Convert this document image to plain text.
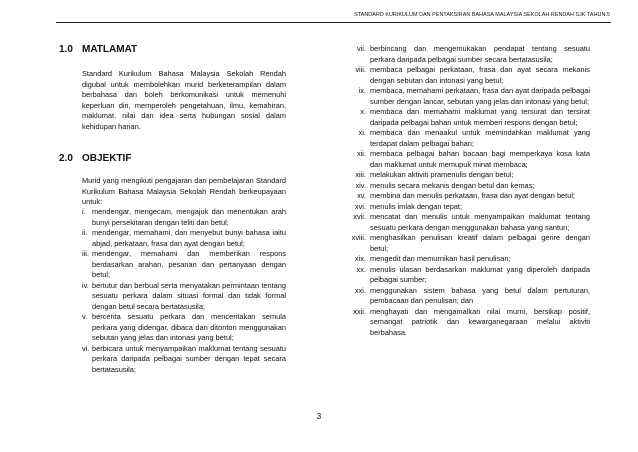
STANDARD KURIKULUM DAN PENTAKSIRAN BAHASA MALAYSIA SEKOLAH RENDAH SJK TAHUN 5
1.0 MATLAMAT
Standard Kurikulum Bahasa Malaysia Sekolah Rendah digubal untuk membolehkan murid berketerampilan dalam berbahasa dan boleh berkomunikasi untuk memenuhi keperluan diri, memperoleh pengetahuan, ilmu, kemahiran, maklumat, nilai dan idea serta hubungan sosial dalam kehidupan harian.
2.0 OBJEKTIF
Murid yang mengikuti pengajaran dan pembelajaran Standard Kurikulum Bahasa Malaysia Sekolah Rendah berkeupayaan untuk:
i. mendengar, mengecam, mengajuk dan menentukan arah bunyi persekitaran dengan teliti dan betul;
ii. mendengar, memahami, dan menyebut bunyi bahasa iaitu abjad, perkataan, frasa dan ayat dengan betul;
iii. mendengar, memahami dan memberikan respons berdasarkan arahan, pesanan dan pertanyaan dengan betul;
iv. bertutur dan berbual serta menyatakan permintaan tentang sesuatu perkara dalam situasi formal dan tidak formal dengan betul secara bertatasusila;
v. bercerita sesuatu perkara dan menceritakan semula perkara yang didengar, dibaca dan ditonton menggunakan sebutan yang jelas dan intonasi yang betul;
vi. berbicara untuk menyampaikan maklumat tentang sesuatu perkara daripada pelbagai sumber dengan tepat secara bertatasusila;
vii. berbincang dan mengemukakan pendapat tentang sesuatu perkara daripada pelbagai sumber secara bertatasusila;
viii. membaca pelbagai perkataan, frasa dan ayat secara mekanis dengan sebutan dan intonasi yang betul;
ix. membaca, memahami perkataan, frasa dan ayat daripada pelbagai sumber dengan lancar, sebutan yang jelas dan intonasi yang betul;
x. membaca dan memahami maklumat yang tersurat dan tersirat daripada pelbagai bahan untuk memberi respons dengan betul;
xi. membaca dan menaakul untuk memindahkan maklumat yang terdapat dalam pelbagai bahan;
xii. membaca pelbagai bahan bacaan bagi memperkaya kosa kata dan maklumat untuk memupuk minat membaca;
xiii. melakukan aktiviti pramenulis dengan betul;
xiv. menulis secara mekanis dengan betul dan kemas;
xv. membina dan menulis perkataan, frasa dan ayat dengan betul;
xvi. menulis imlak dengan tepat;
xvii. mencatat dan menulis untuk menyampaikan maklumat tentang sesuatu perkara dengan menggunakan bahasa yang santun;
xviii. menghasilkan penulisan kreatif dalam pelbagai genre dengan betul;
xix. mengedit dan memurnikan hasil penulisan;
xx. menulis ulasan berdasarkan maklumat yang diperoleh daripada pelbagai sumber;
xxi. menggunakan sistem bahasa yang betul dalam pertuturan, pembacaan dan penulisan; dan
xxii. menghayati dan mengamalkan nilai murni, bersikap positif, semangat patriotik dan kewarganegaraan melalui aktiviti berbahasa.
3
